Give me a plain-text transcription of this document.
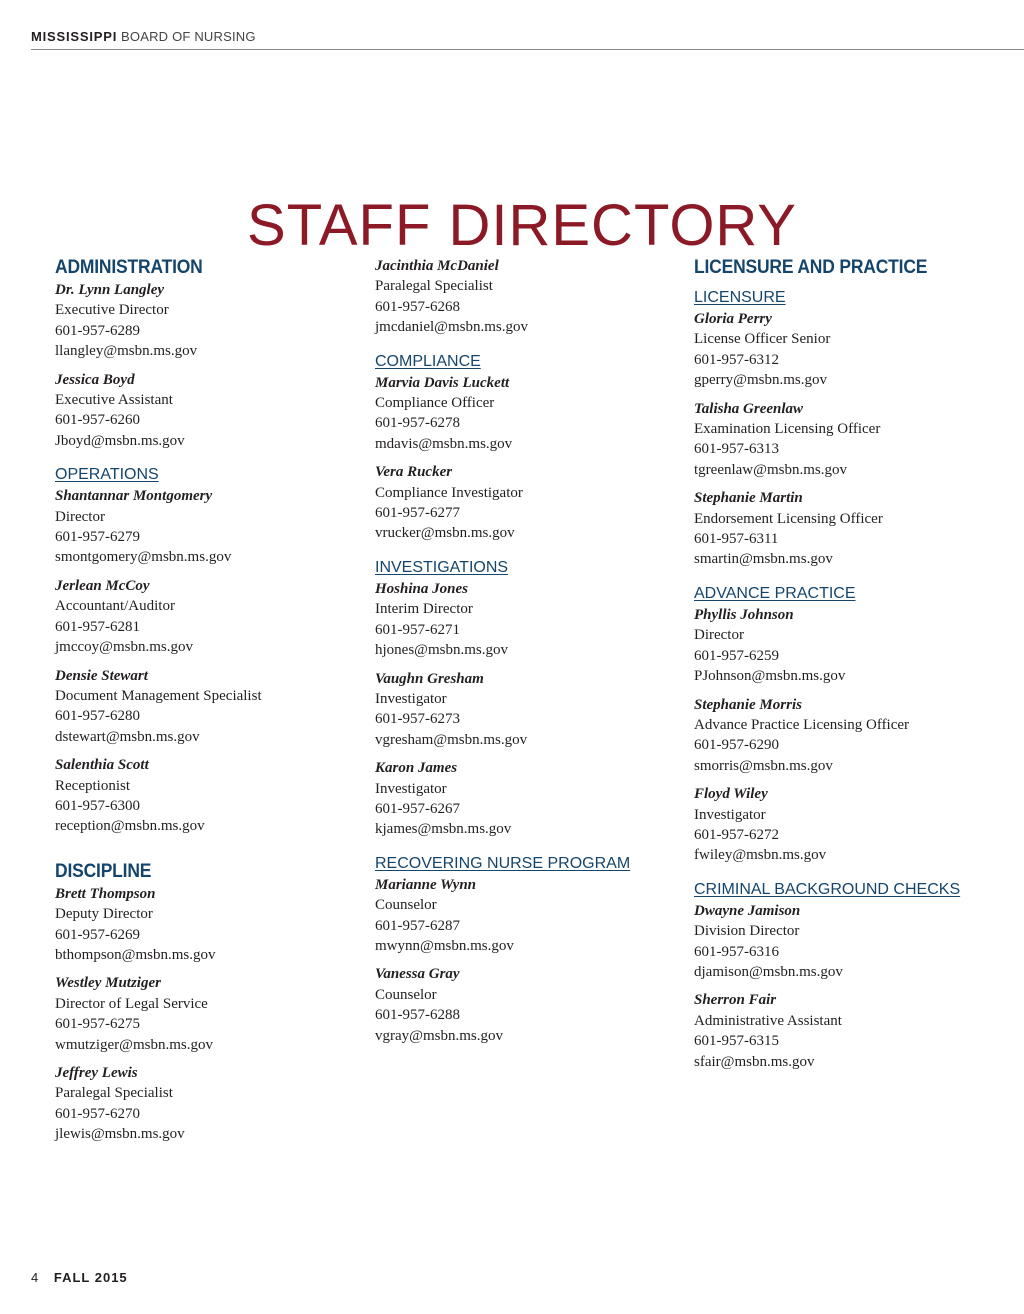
MISSISSIPPI BOARD OF NURSING
STAFF DIRECTORY
ADMINISTRATION
Dr. Lynn Langley
Executive Director
601-957-6289
llangley@msbn.ms.gov
Jessica Boyd
Executive Assistant
601-957-6260
Jboyd@msbn.ms.gov
OPERATIONS
Shantannar Montgomery
Director
601-957-6279
smontgomery@msbn.ms.gov
Jerlean McCoy
Accountant/Auditor
601-957-6281
jmccoy@msbn.ms.gov
Densie Stewart
Document Management Specialist
601-957-6280
dstewart@msbn.ms.gov
Salenthia Scott
Receptionist
601-957-6300
reception@msbn.ms.gov
DISCIPLINE
Brett Thompson
Deputy Director
601-957-6269
bthompson@msbn.ms.gov
Westley Mutziger
Director of Legal Service
601-957-6275
wmutziger@msbn.ms.gov
Jeffrey Lewis
Paralegal Specialist
601-957-6270
jlewis@msbn.ms.gov
Jacinthia McDaniel
Paralegal Specialist
601-957-6268
jmcdaniel@msbn.ms.gov
COMPLIANCE
Marvia Davis Luckett
Compliance Officer
601-957-6278
mdavis@msbn.ms.gov
Vera Rucker
Compliance Investigator
601-957-6277
vrucker@msbn.ms.gov
INVESTIGATIONS
Hoshina Jones
Interim Director
601-957-6271
hjones@msbn.ms.gov
Vaughn Gresham
Investigator
601-957-6273
vgresham@msbn.ms.gov
Karon James
Investigator
601-957-6267
kjames@msbn.ms.gov
RECOVERING NURSE PROGRAM
Marianne Wynn
Counselor
601-957-6287
mwynn@msbn.ms.gov
Vanessa Gray
Counselor
601-957-6288
vgray@msbn.ms.gov
LICENSURE AND PRACTICE
LICENSURE
Gloria Perry
License Officer Senior
601-957-6312
gperry@msbn.ms.gov
Talisha Greenlaw
Examination Licensing Officer
601-957-6313
tgreenlaw@msbn.ms.gov
Stephanie Martin
Endorsement Licensing Officer
601-957-6311
smartin@msbn.ms.gov
ADVANCE PRACTICE
Phyllis Johnson
Director
601-957-6259
PJohnson@msbn.ms.gov
Stephanie Morris
Advance Practice Licensing Officer
601-957-6290
smorris@msbn.ms.gov
Floyd Wiley
Investigator
601-957-6272
fwiley@msbn.ms.gov
CRIMINAL BACKGROUND CHECKS
Dwayne Jamison
Division Director
601-957-6316
djamison@msbn.ms.gov
Sherron Fair
Administrative Assistant
601-957-6315
sfair@msbn.ms.gov
4 FALL 2015
